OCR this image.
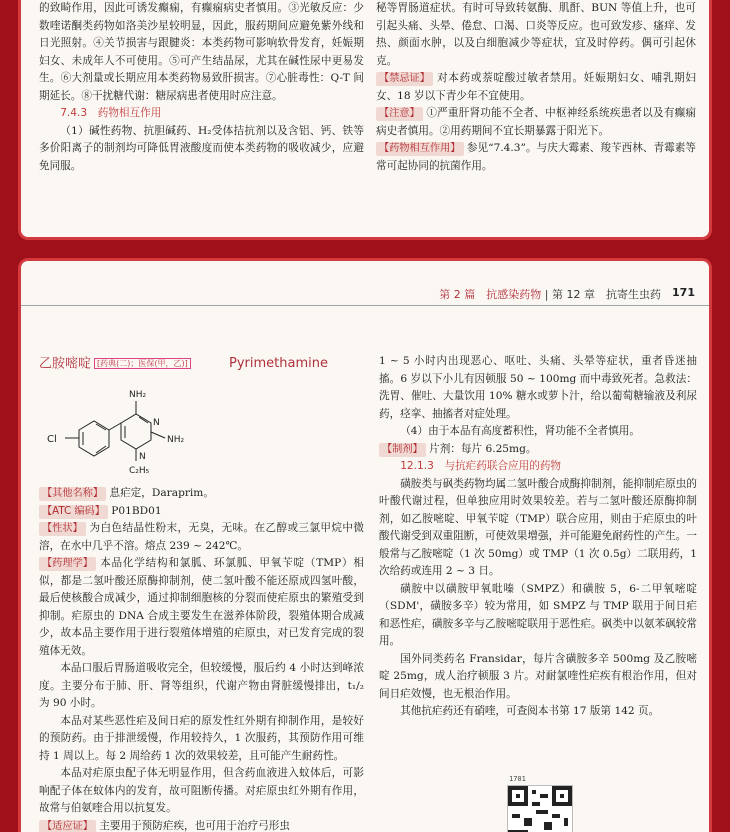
的致畸作用，因此可诱发癫痫，有癫痫病史者慎用。③光敏反应：少数喹诺酮类药物如洛美沙星较明显，因此，服药期间应避免紫外线和日光照射。④关节损害与跟腱炎：本类药物可影响软骨发育，妊娠期妇女、未成年人不可使用。⑤可产生结晶尿，尤其在碱性尿中更易发生。⑥大剂量或长期应用本类药物易致肝损害。⑦心脏毒性：Q-T 间期延长。⑧干扰糖代谢：糖尿病患者使用时应注意。

7.4.3　药物相互作用

（1）碱性药物、抗胆碱药、H₂受体拮抗剂以及含铝、钙、铁等多价阳离子的制剂均可降低胃液酸度而使本类药物的吸收减少，应避免同服。

秘等胃肠道症状。有时可导致转氨酶、肌酐、BUN 等值上升，也可引起头痛、头晕、倦怠、口渴、口炎等反应。也可致发疹、瘙痒、发热、颜面水肿，以及白细胞减少等症状，宜及时停药。偶可引起休克。

【禁忌证】 对本药或萘啶酸过敏者禁用。妊娠期妇女、哺乳期妇女、18 岁以下青少年不宜使用。

【注意】 ①严重肝肾功能不全者、中枢神经系统疾患者以及有癫痫病史者慎用。②用药期间不宜长期暴露于阳光下。

【药物相互作用】 参见“7.4.3”。与庆大霉素、羧苄西林、青霉素等常可起协同的抗菌作用。

第 2 篇　抗感染药物 | 第 12 章　抗寄生虫药 171
乙胺嘧啶 [药典(二)；医保(甲，乙)]	Pyrimethamine
Cl
NH₂
N
NH₂
N
C₂H₅

【其他名称】 息疟定，Daraprim。

【ATC 编码】 P01BD01

【性状】 为白色结晶性粉末，无臭，无味。在乙醇或三氯甲烷中微溶，在水中几乎不溶。熔点 239 ~ 242℃。

【药理学】 本品化学结构和氯胍、环氯胍、甲氧苄啶（TMP）相似，都是二氢叶酸还原酶抑制剂，使二氢叶酸不能还原成四氢叶酸，最后使核酸合成减少，通过抑制细胞核的分裂而使疟原虫的繁殖受到抑制。疟原虫的 DNA 合成主要发生在滋养体阶段，裂殖体期合成减少，故本品主要作用于进行裂殖体增殖的疟原虫，对已发育完成的裂殖体无效。

本品口服后胃肠道吸收完全，但较缓慢，服后约 4 小时达到峰浓度。主要分布于肺、肝、肾等组织，代谢产物由肾脏缓慢排出，t₁/₂ 为 90 小时。

本品对某些恶性疟及间日疟的原发性红外期有抑制作用，是较好的预防药。由于排泄缓慢，作用较持久，1 次服药，其预防作用可维持 1 周以上。每 2 周给药 1 次的效果较差，且可能产生耐药性。

本品对疟原虫配子体无明显作用，但含药血液进入蚊体后，可影响配子体在蚊体内的发育，故可阻断传播。对疟原虫红外期有作用，故常与伯氨喹合用以抗复发。

【适应证】 主要用于预防疟疾，也可用于治疗弓形虫

1 ~ 5 小时内出现恶心、呕吐、头痛、头晕等症状，重者昏迷抽搐。6 岁以下小儿有因顿服 50 ~ 100mg 而中毒致死者。急救法：洗胃、催吐、大量饮用 10% 糖水或萝卜汁，给以葡萄糖输液及利尿药，痉挛、抽搐者对症处理。

（4）由于本品有高度蓄积性，肾功能不全者慎用。

【制剂】 片剂：每片 6.25mg。

12.1.3　与抗疟药联合应用的药物

磺胺类与砜类药物均属二氢叶酸合成酶抑制剂，能抑制疟原虫的叶酸代谢过程，但单独应用时效果较差。若与二氢叶酸还原酶抑制剂，如乙胺嘧啶、甲氧苄啶（TMP）联合应用，则由于疟原虫的叶酸代谢受到双重阻断，可使效果增强，并可能避免耐药性的产生。一般常与乙胺嘧啶（1 次 50mg）或 TMP（1 次 0.5g）二联用药，1 次给药或连用 2 ~ 3 日。

磺胺中以磺胺甲氧吡嗪（SMPZ）和磺胺 5，6-二甲氧嘧啶（SDM'，磺胺多辛）较为常用，如 SMPZ 与 TMP 联用于间日疟和恶性疟，磺胺多辛与乙胺嘧啶联用于恶性疟。砜类中以氨苯砜较常用。

国外同类药名 Fransidar，每片含磺胺多辛 500mg 及乙胺嘧啶 25mg，成人治疗顿服 3 片。对耐氯喹性疟疾有根治作用，但对间日疟效慢，也无根治作用。

其他抗疟药还有硝喹，可查阅本书第 17 版第 142 页。

1701
